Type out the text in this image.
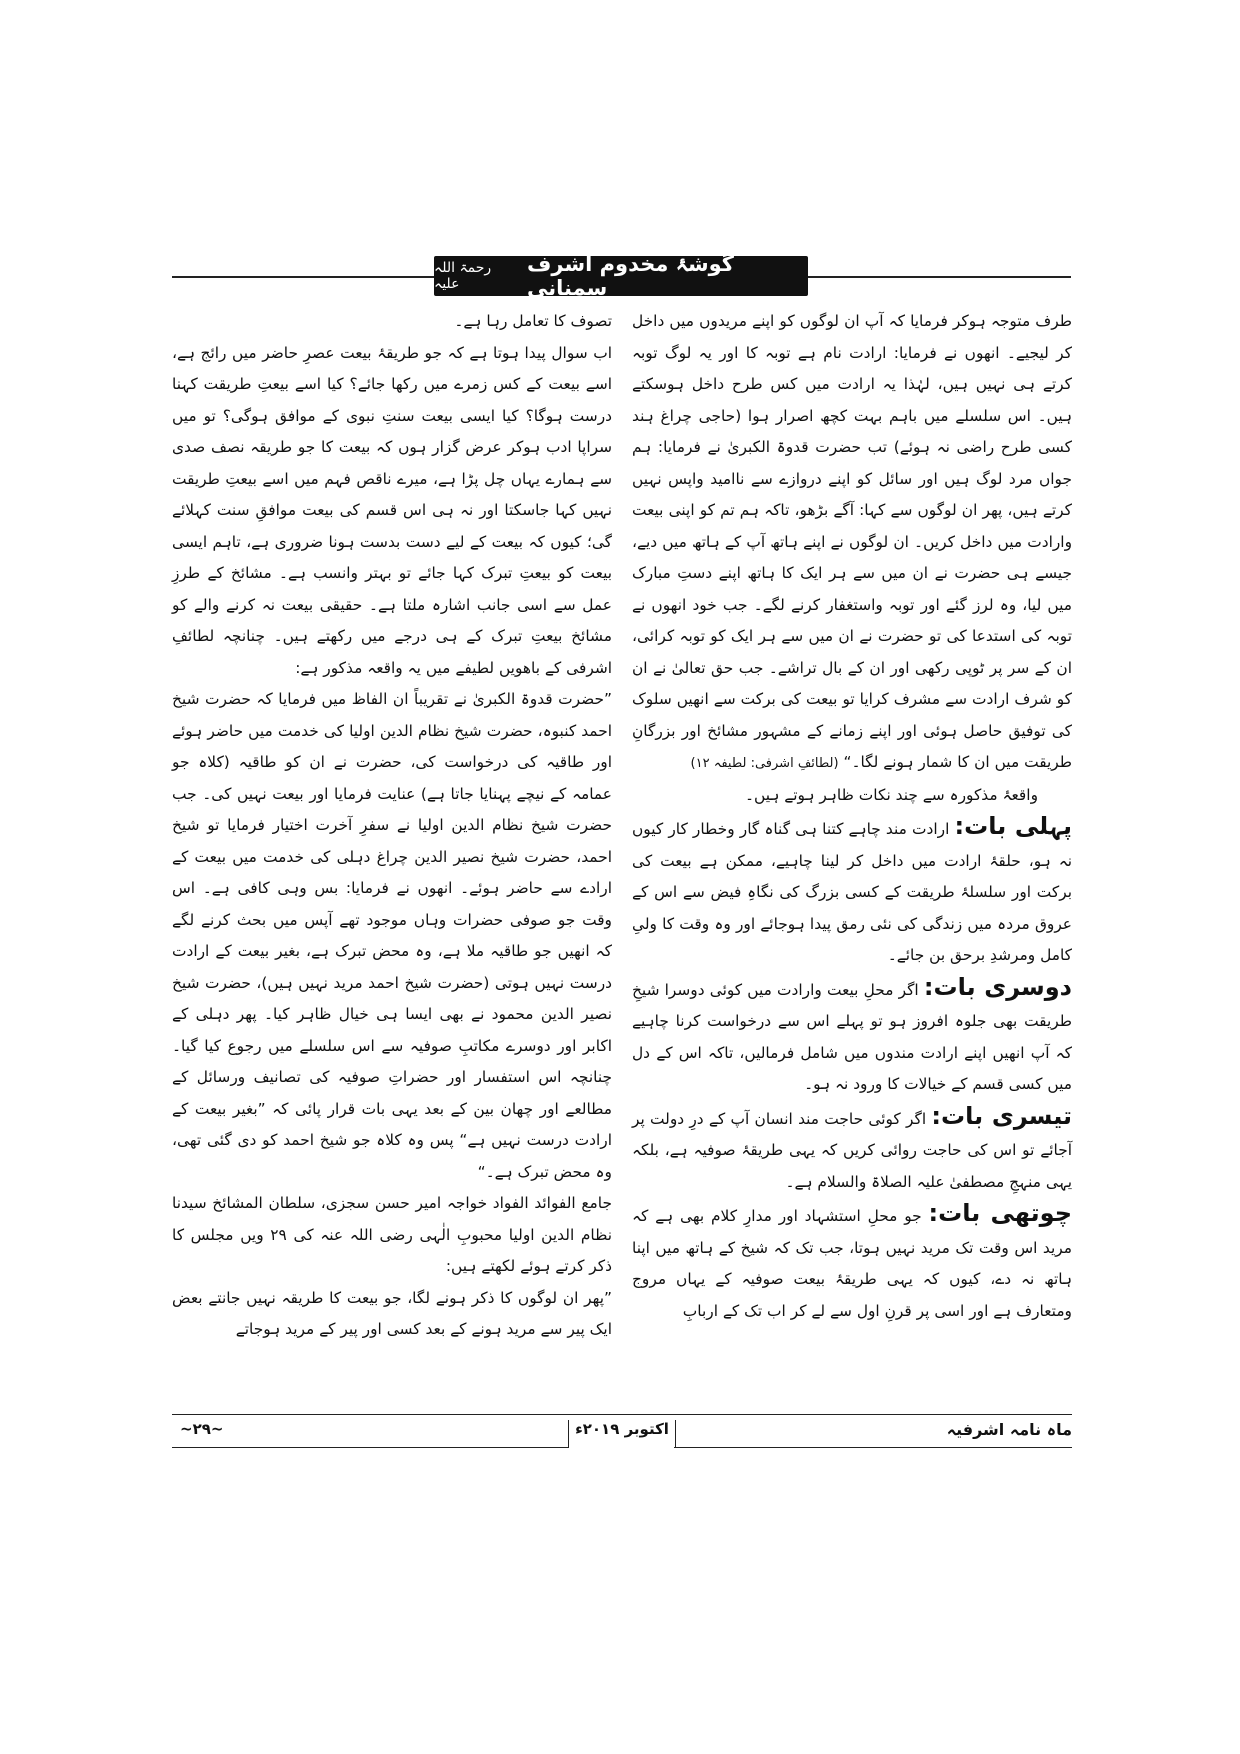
رحمۃ اللہ علیہ
گوشۂ مخدوم اشرف سمنانی

طرف متوجہ ہوکر فرمایا کہ آپ ان لوگوں کو اپنے مریدوں میں داخل کر لیجیے۔ انھوں نے فرمایا: ارادت نام ہے توبہ کا اور یہ لوگ توبہ کرتے ہی نہیں ہیں، لہٰذا یہ ارادت میں کس طرح داخل ہوسکتے ہیں۔ اس سلسلے میں باہم بہت کچھ اصرار ہوا (حاجی چراغ ہند کسی طرح راضی نہ ہوئے) تب حضرت قدوۃ الکبریٰ نے فرمایا: ہم جواں مرد لوگ ہیں اور سائل کو اپنے دروازے سے ناامید واپس نہیں کرتے ہیں، پھر ان لوگوں سے کہا: آگے بڑھو، تاکہ ہم تم کو اپنی بیعت وارادت میں داخل کریں۔ ان لوگوں نے اپنے ہاتھ آپ کے ہاتھ میں دیے، جیسے ہی حضرت نے ان میں سے ہر ایک کا ہاتھ اپنے دستِ مبارک میں لیا، وہ لرز گئے اور توبہ واستغفار کرنے لگے۔ جب خود انھوں نے توبہ کی استدعا کی تو حضرت نے ان میں سے ہر ایک کو توبہ کرائی، ان کے سر پر ٹوپی رکھی اور ان کے بال تراشے۔ جب حق تعالیٰ نے ان کو شرف ارادت سے مشرف کرایا تو بیعت کی برکت سے انھیں سلوک کی توفیق حاصل ہوئی اور اپنے زمانے کے مشہور مشائخ اور بزرگانِ طریقت میں ان کا شمار ہونے لگا۔“ (لطائفِ اشرفی: لطیفہ ۱۲)

واقعۂ مذکورہ سے چند نکات ظاہر ہوتے ہیں۔

پہلی بات: ارادت مند چاہے کتنا ہی گناہ گار وخطار کار کیوں نہ ہو، حلقۂ ارادت میں داخل کر لینا چاہیے، ممکن ہے بیعت کی برکت اور سلسلۂ طریقت کے کسی بزرگ کی نگاہِ فیض سے اس کے عروق مردہ میں زندگی کی نئی رمق پیدا ہوجائے اور وہ وقت کا ولیِ کامل ومرشدِ برحق بن جائے۔

دوسری بات: اگر محلِ بیعت وارادت میں کوئی دوسرا شیخِ طریقت بھی جلوہ افروز ہو تو پہلے اس سے درخواست کرنا چاہیے کہ آپ انھیں اپنے ارادت مندوں میں شامل فرمالیں، تاکہ اس کے دل میں کسی قسم کے خیالات کا ورود نہ ہو۔

تیسری بات: اگر کوئی حاجت مند انسان آپ کے درِ دولت پر آجائے تو اس کی حاجت روائی کریں کہ یہی طریقۂ صوفیہ ہے، بلکہ یہی منہجِ مصطفیٰ علیہ الصلاۃ والسلام ہے۔

چوتھی بات: جو محلِ استشہاد اور مدارِ کلام بھی ہے کہ مرید اس وقت تک مرید نہیں ہوتا، جب تک کہ شیخ کے ہاتھ میں اپنا ہاتھ نہ دے، کیوں کہ یہی طریقۂ بیعت صوفیہ کے یہاں مروج ومتعارف ہے اور اسی پر قرنِ اول سے لے کر اب تک کے اربابِ

تصوف کا تعامل رہا ہے۔

اب سوال پیدا ہوتا ہے کہ جو طریقۂ بیعت عصرِ حاضر میں رائج ہے، اسے بیعت کے کس زمرے میں رکھا جائے؟ کیا اسے بیعتِ طریقت کہنا درست ہوگا؟ کیا ایسی بیعت سنتِ نبوی کے موافق ہوگی؟ تو میں سراپا ادب ہوکر عرض گزار ہوں کہ بیعت کا جو طریقہ نصف صدی سے ہمارے یہاں چل پڑا ہے، میرے ناقص فہم میں اسے بیعتِ طریقت نہیں کہا جاسکتا اور نہ ہی اس قسم کی بیعت موافقِ سنت کہلائے گی؛ کیوں کہ بیعت کے لیے دست بدست ہونا ضروری ہے، تاہم ایسی بیعت کو بیعتِ تبرک کہا جائے تو بہتر وانسب ہے۔ مشائخ کے طرزِ عمل سے اسی جانب اشارہ ملتا ہے۔ حقیقی بیعت نہ کرنے والے کو مشائخ بیعتِ تبرک کے ہی درجے میں رکھتے ہیں۔ چنانچہ لطائفِ اشرفی کے باھویں لطیفے میں یہ واقعہ مذکور ہے:

”حضرت قدوۃ الکبریٰ نے تقریباً ان الفاظ میں فرمایا کہ حضرت شیخ احمد کنبوہ، حضرت شیخ نظام الدین اولیا کی خدمت میں حاضر ہوئے اور طاقیہ کی درخواست کی، حضرت نے ان کو طاقیہ (کلاہ جو عمامہ کے نیچے پہنایا جاتا ہے) عنایت فرمایا اور بیعت نہیں کی۔ جب حضرت شیخ نظام الدین اولیا نے سفرِ آخرت اختیار فرمایا تو شیخ احمد، حضرت شیخ نصیر الدین چراغ دہلی کی خدمت میں بیعت کے ارادے سے حاضر ہوئے۔ انھوں نے فرمایا: بس وہی کافی ہے۔ اس وقت جو صوفی حضرات وہاں موجود تھے آپس میں بحث کرنے لگے کہ انھیں جو طاقیہ ملا ہے، وہ محض تبرک ہے، بغیر بیعت کے ارادت درست نہیں ہوتی (حضرت شیخ احمد مرید نہیں ہیں)، حضرت شیخ نصیر الدین محمود نے بھی ایسا ہی خیال ظاہر کیا۔ پھر دہلی کے اکابر اور دوسرے مکاتبِ صوفیہ سے اس سلسلے میں رجوع کیا گیا۔ چنانچہ اس استفسار اور حضراتِ صوفیہ کی تصانیف ورسائل کے مطالعے اور چھان بین کے بعد یہی بات قرار پائی کہ ”بغیر بیعت کے ارادت درست نہیں ہے“ پس وہ کلاہ جو شیخ احمد کو دی گئی تھی، وہ محض تبرک ہے۔“

جامع الفوائد الفواد خواجہ امیر حسن سجزی، سلطان المشائخ سیدنا نظام الدین اولیا محبوبِ الٰہی رضی اللہ عنہ کی ۲۹ ویں مجلس کا ذکر کرتے ہوئے لکھتے ہیں:

”پھر ان لوگوں کا ذکر ہونے لگا، جو بیعت کا طریقہ نہیں جانتے بعض ایک پیر سے مرید ہونے کے بعد کسی اور پیر کے مرید ہوجاتے

ماہ نامہ اشرفیہ
اکتوبر ۲۰۱۹ء
~۲۹~
